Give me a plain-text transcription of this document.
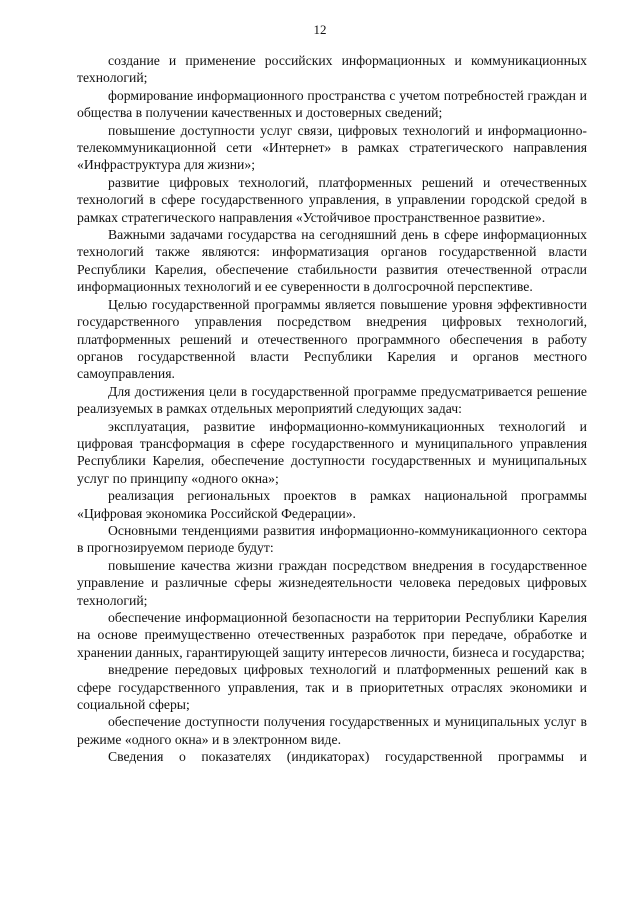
12

создание и применение российских информационных и коммуникационных технологий;

формирование информационного пространства с учетом потребностей граждан и общества в получении качественных и достоверных сведений;

повышение доступности услуг связи, цифровых технологий и информационно-телекоммуникационной сети «Интернет» в рамках стратегического направления «Инфраструктура для жизни»;

развитие цифровых технологий, платформенных решений и отечественных технологий в сфере государственного управления, в управлении городской средой в рамках стратегического направления «Устойчивое пространственное развитие».

Важными задачами государства на сегодняшний день в сфере информационных технологий также являются: информатизация органов государственной власти Республики Карелия, обеспечение стабильности развития отечественной отрасли информационных технологий и ее суверенности в долгосрочной перспективе.

Целью государственной программы является повышение уровня эффективности государственного управления посредством внедрения цифровых технологий, платформенных решений и отечественного программного обеспечения в работу органов государственной власти Республики Карелия и органов местного самоуправления.

Для достижения цели в государственной программе предусматривается решение реализуемых в рамках отдельных мероприятий следующих задач:

эксплуатация, развитие информационно-коммуникационных технологий и цифровая трансформация в сфере государственного и муниципального управления Республики Карелия, обеспечение доступности государственных и муниципальных услуг по принципу «одного окна»;

реализация региональных проектов в рамках национальной программы «Цифровая экономика Российской Федерации».

Основными тенденциями развития информационно-коммуникационного сектора в прогнозируемом периоде будут:

повышение качества жизни граждан посредством внедрения в государственное управление и различные сферы жизнедеятельности человека передовых цифровых технологий;

обеспечение информационной безопасности на территории Республики Карелия на основе преимущественно отечественных разработок при передаче, обработке и хранении данных, гарантирующей защиту интересов личности, бизнеса и государства;

внедрение передовых цифровых технологий и платформенных решений как в сфере государственного управления, так и в приоритетных отраслях экономики и социальной сферы;

обеспечение доступности получения государственных и муниципальных услуг в режиме «одного окна» и в электронном виде.

Сведения о показателях (индикаторах) государственной программы и
